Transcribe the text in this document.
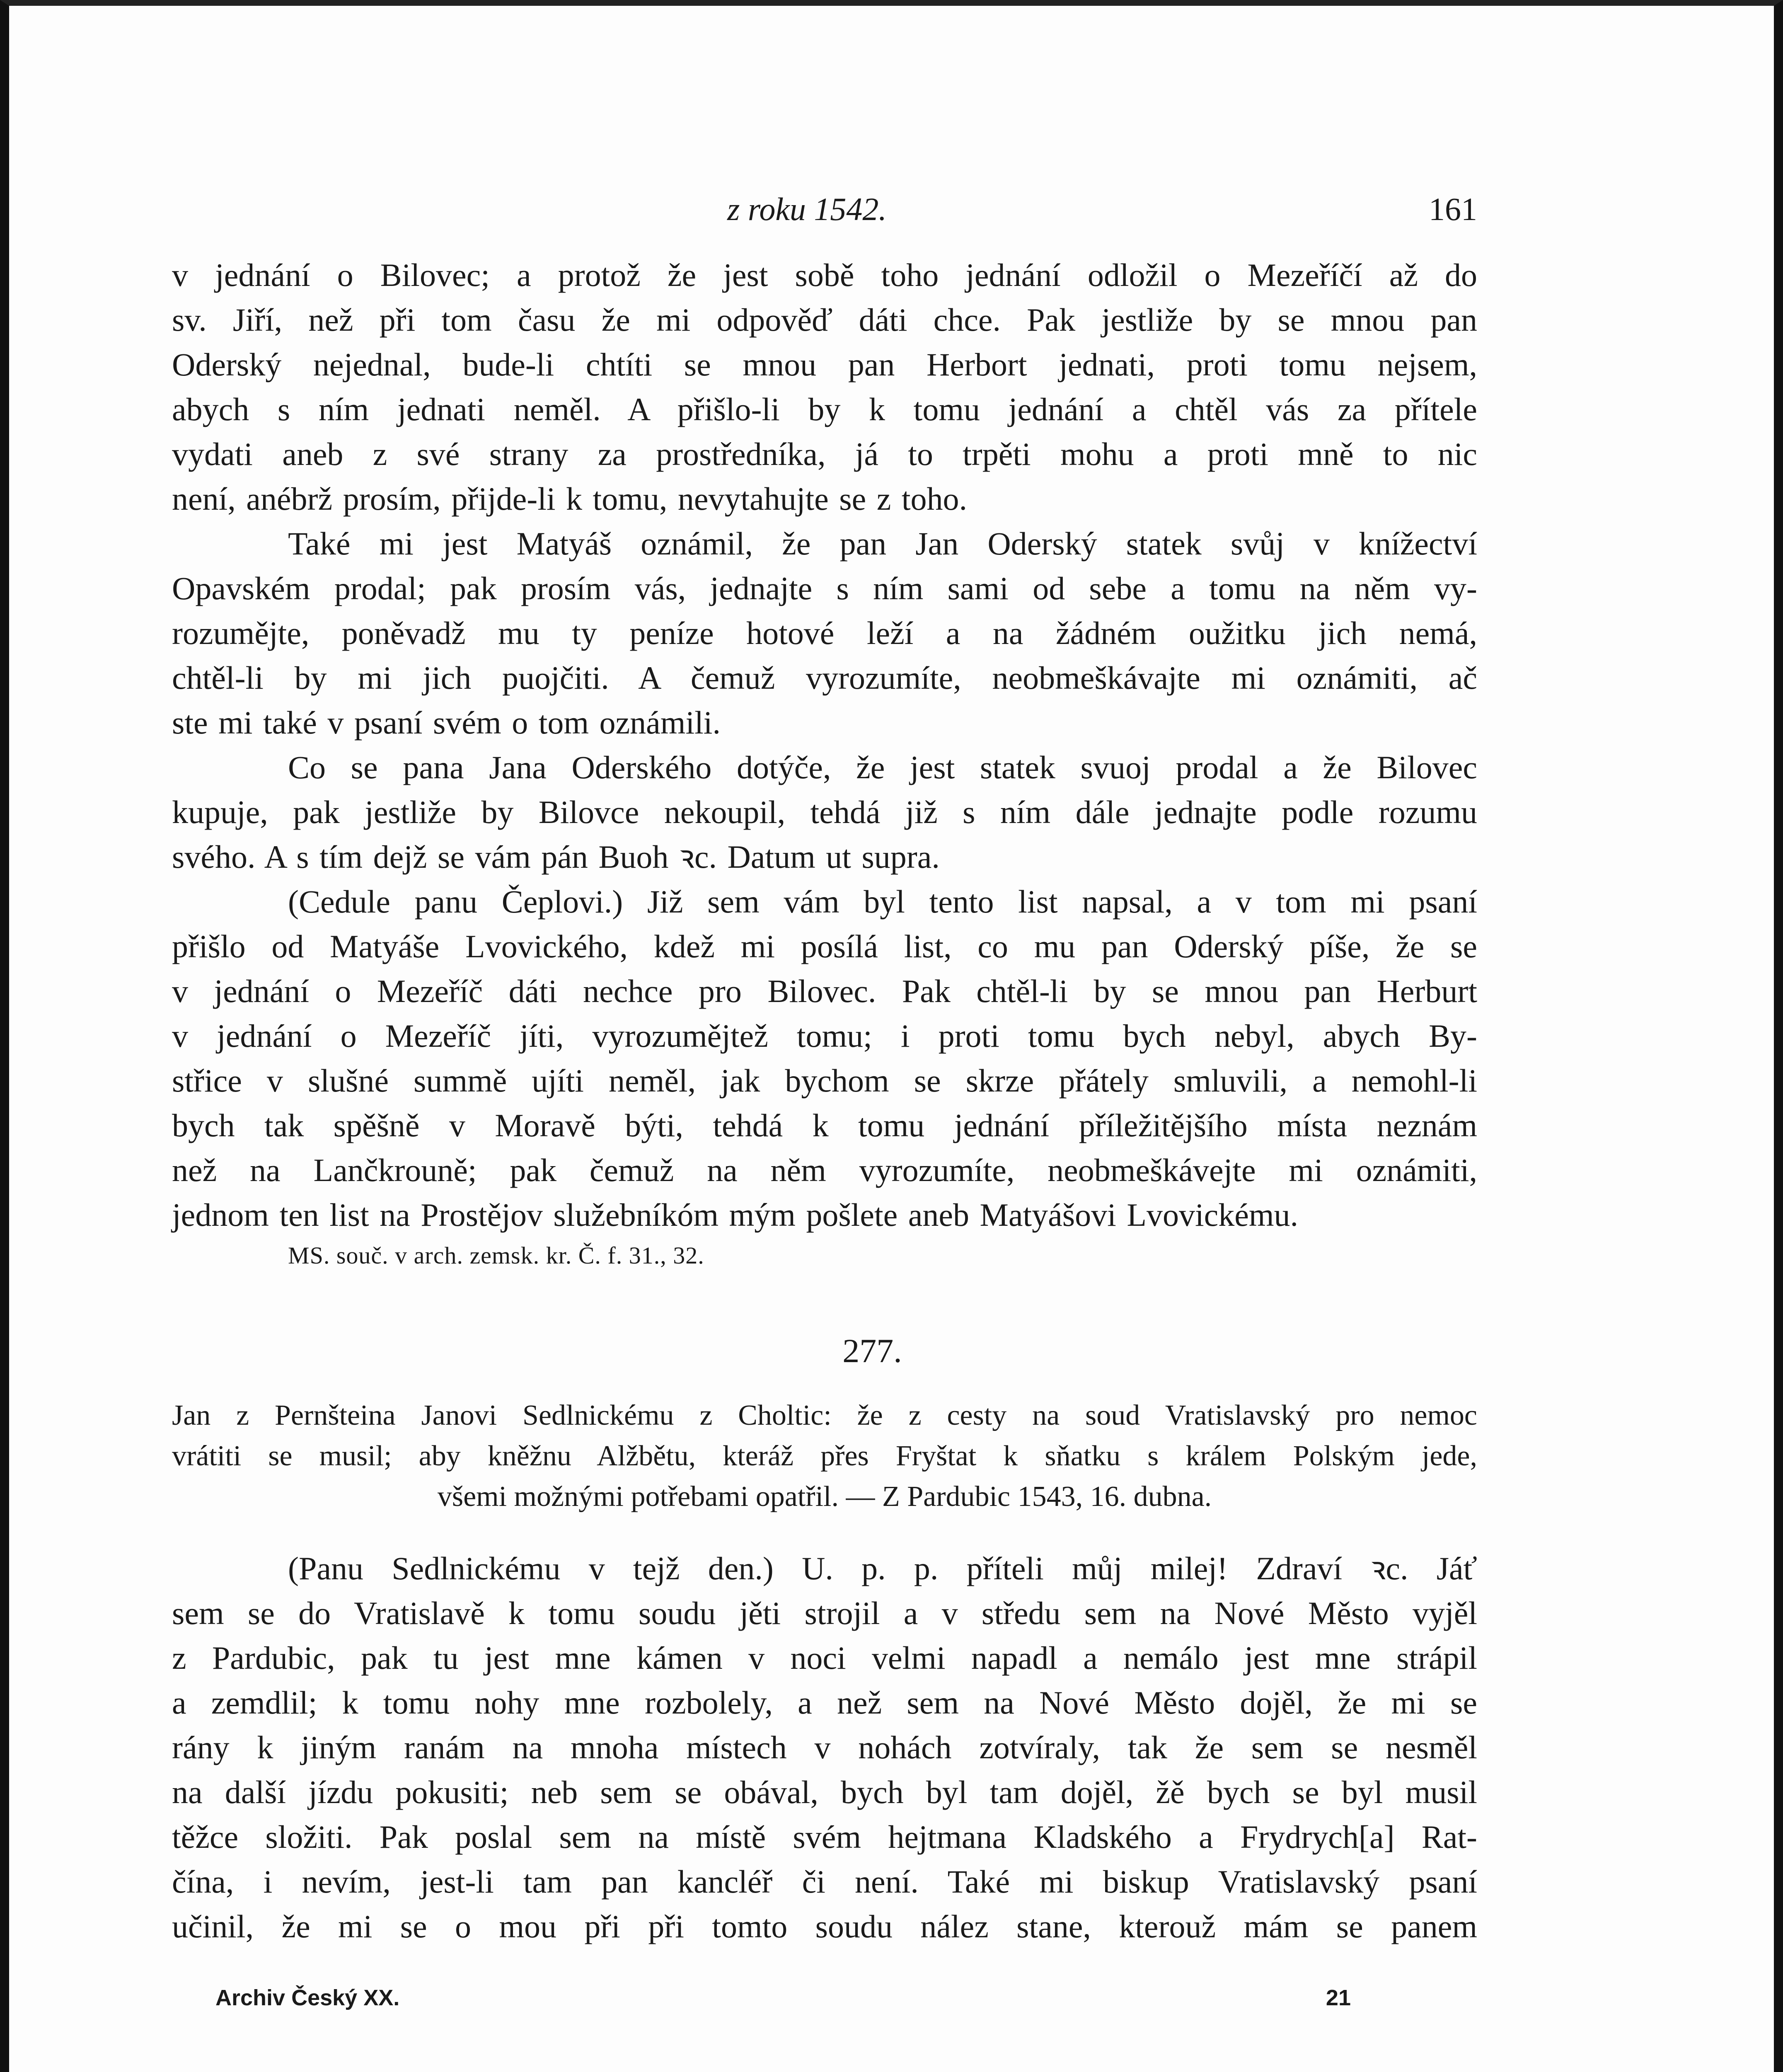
z roku 1542.	161
v jednání o Bilovec; a protož že jest sobě toho jednání odložil o Mezeříčí až do
sv. Jiří, než při tom času že mi odpověď dáti chce. Pak jestliže by se mnou pan
Oderský nejednal, bude-li chtíti se mnou pan Herbort jednati, proti tomu nejsem,
abych s ním jednati neměl. A přišlo-li by k tomu jednání a chtěl vás za přítele
vydati aneb z své strany za prostředníka, já to trpěti mohu a proti mně to nic
není, anébrž prosím, přijde-li k tomu, nevytahujte se z toho.
Také mi jest Matyáš oznámil, že pan Jan Oderský statek svůj v knížectví
Opavském prodal; pak prosím vás, jednajte s ním sami od sebe a tomu na něm vy-
rozumějte, poněvadž mu ty peníze hotové leží a na žádném oužitku jich nemá,
chtěl-li by mi jich puojčiti. A čemuž vyrozumíte, neobmeškávajte mi oznámiti, ač
ste mi také v psaní svém o tom oznámili.
Co se pana Jana Oderského dotýče, že jest statek svuoj prodal a že Bilovec
kupuje, pak jestliže by Bilovce nekoupil, tehdá již s ním dále jednajte podle rozumu
svého. A s tím dejž se vám pán Buoh ꝛc. Datum ut supra.
(Cedule panu Čeplovi.) Již sem vám byl tento list napsal, a v tom mi psaní
přišlo od Matyáše Lvovického, kdež mi posílá list, co mu pan Oderský píše, že se
v jednání o Mezeříč dáti nechce pro Bilovec. Pak chtěl-li by se mnou pan Herburt
v jednání o Mezeříč jíti, vyrozumějtež tomu; i proti tomu bych nebyl, abych By-
střice v slušné summě ujíti neměl, jak bychom se skrze přátely smluvili, a nemohl-li
bych tak spěšně v Moravě býti, tehdá k tomu jednání příležitějšího místa neznám
než na Lančkrouně; pak čemuž na něm vyrozumíte, neobmeškávejte mi oznámiti,
jednom ten list na Prostějov služebníkóm mým pošlete aneb Matyášovi Lvovickému.
MS. souč. v arch. zemsk. kr. Č. f. 31., 32.
277.
Jan z Pernšteina Janovi Sedlnickému z Choltic: že z cesty na soud Vratislavský pro nemoc
vrátiti se musil; aby kněžnu Alžbětu, kteráž přes Fryštat k sňatku s králem Polským jede,
všemi možnými potřebami opatřil. — Z Pardubic 1543, 16. dubna.
(Panu Sedlnickému v tejž den.) U. p. p. příteli můj milej! Zdraví ꝛc. Jáť
sem se do Vratislavě k tomu soudu jěti strojil a v středu sem na Nové Město vyjěl
z Pardubic, pak tu jest mne kámen v noci velmi napadl a nemálo jest mne strápil
a zemdlil; k tomu nohy mne rozbolely, a než sem na Nové Město dojěl, že mi se
rány k jiným ranám na mnoha místech v nohách zotvíraly, tak že sem se nesměl
na další jízdu pokusiti; neb sem se obával, bych byl tam dojěl, žě bych se byl musil
těžce složiti. Pak poslal sem na místě svém hejtmana Kladského a Frydrych[a] Rat-
čína, i nevím, jest-li tam pan kancléř či není. Také mi biskup Vratislavský psaní
učinil, že mi se o mou při při tomto soudu nález stane, kterouž mám se panem
Archiv Český XX.	21
